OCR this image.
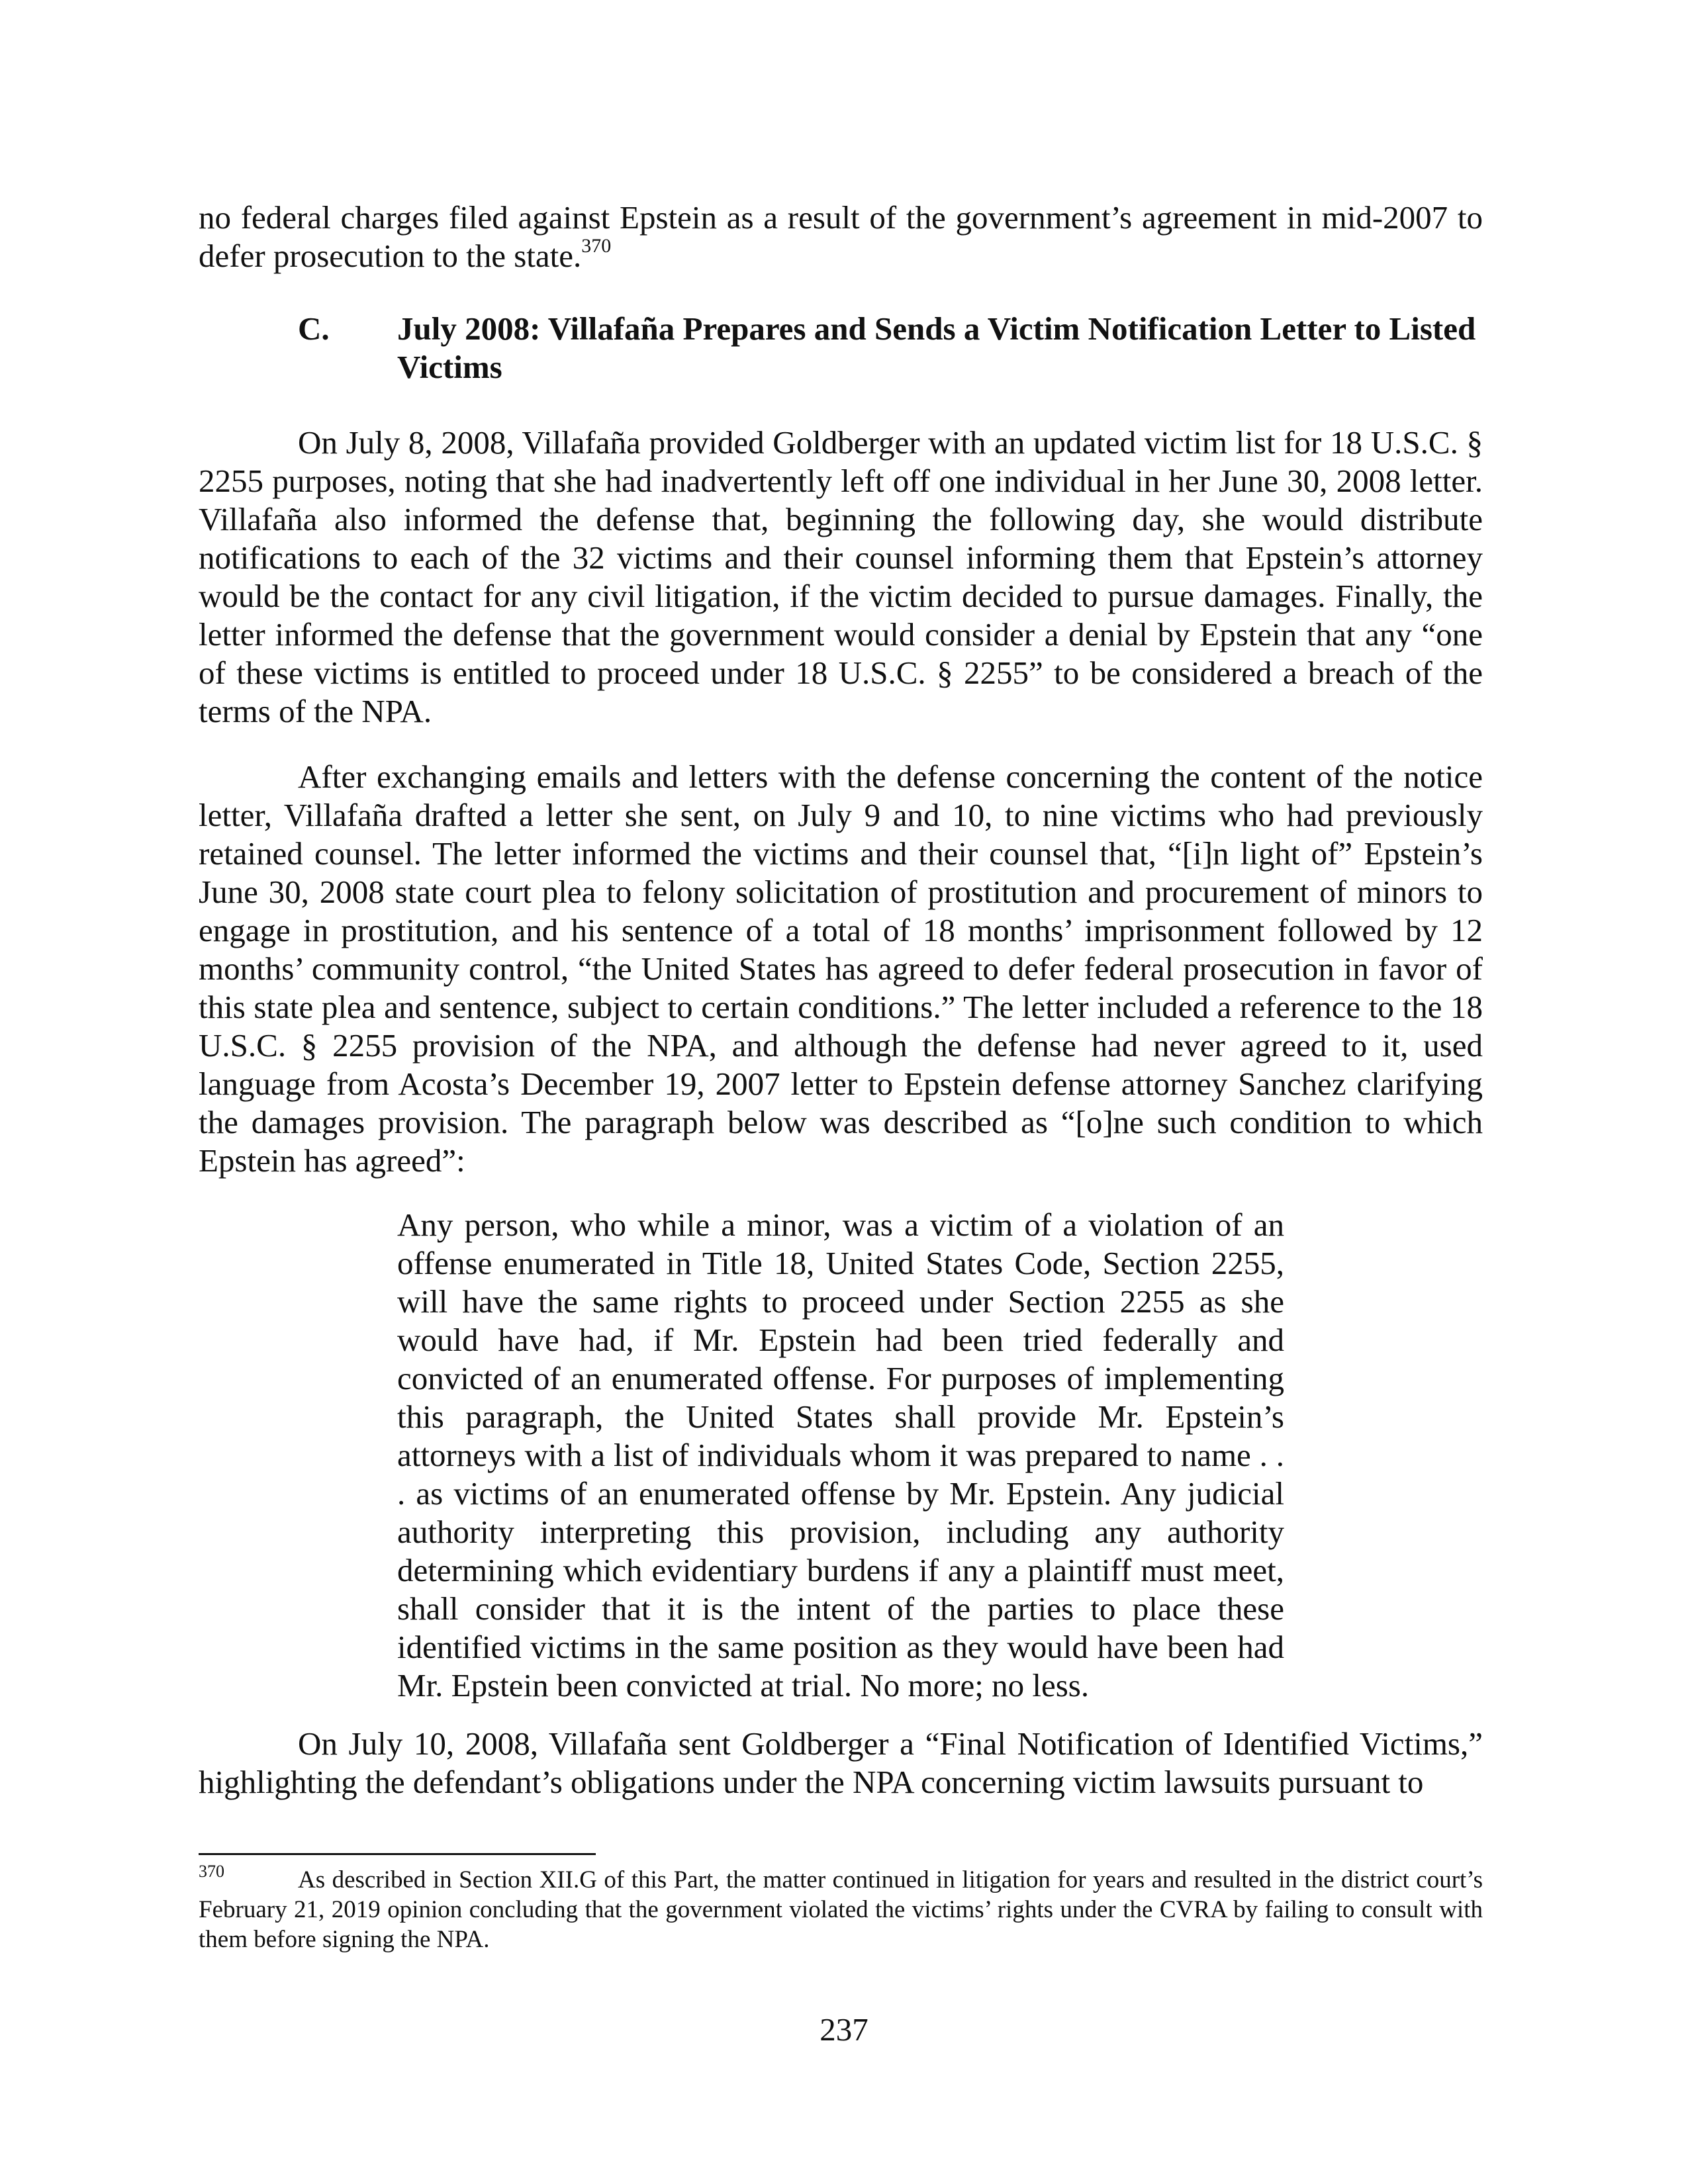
no federal charges filed against Epstein as a result of the government’s agreement in mid-2007 to defer prosecution to the state.$^{370}$

C. July 2008: Villafaña Prepares and Sends a Victim Notification Letter to Listed Victims

On July 8, 2008, Villafaña provided Goldberger with an updated victim list for 18 U.S.C. § 2255 purposes, noting that she had inadvertently left off one individual in her June 30, 2008 letter. Villafaña also informed the defense that, beginning the following day, she would distribute notifications to each of the 32 victims and their counsel informing them that Epstein’s attorney would be the contact for any civil litigation, if the victim decided to pursue damages. Finally, the letter informed the defense that the government would consider a denial by Epstein that any “one of these victims is entitled to proceed under 18 U.S.C. § 2255” to be considered a breach of the terms of the NPA.

After exchanging emails and letters with the defense concerning the content of the notice letter, Villafaña drafted a letter she sent, on July 9 and 10, to nine victims who had previously retained counsel. The letter informed the victims and their counsel that, “[i]n light of” Epstein’s June 30, 2008 state court plea to felony solicitation of prostitution and procurement of minors to engage in prostitution, and his sentence of a total of 18 months’ imprisonment followed by 12 months’ community control, “the United States has agreed to defer federal prosecution in favor of this state plea and sentence, subject to certain conditions.” The letter included a reference to the 18 U.S.C. § 2255 provision of the NPA, and although the defense had never agreed to it, used language from Acosta’s December 19, 2007 letter to Epstein defense attorney Sanchez clarifying the damages provision. The paragraph below was described as “[o]ne such condition to which Epstein has agreed”:

Any person, who while a minor, was a victim of a violation of an offense enumerated in Title 18, United States Code, Section 2255, will have the same rights to proceed under Section 2255 as she would have had, if Mr. Epstein had been tried federally and convicted of an enumerated offense. For purposes of implementing this paragraph, the United States shall provide Mr. Epstein’s attorneys with a list of individuals whom it was prepared to name . . . as victims of an enumerated offense by Mr. Epstein. Any judicial authority interpreting this provision, including any authority determining which evidentiary burdens if any a plaintiff must meet, shall consider that it is the intent of the parties to place these identified victims in the same position as they would have been had Mr. Epstein been convicted at trial. No more; no less.

On July 10, 2008, Villafaña sent Goldberger a “Final Notification of Identified Victims,” highlighting the defendant’s obligations under the NPA concerning victim lawsuits pursuant to

370	As described in Section XII.G of this Part, the matter continued in litigation for years and resulted in the district court’s February 21, 2019 opinion concluding that the government violated the victims’ rights under the CVRA by failing to consult with them before signing the NPA.

237
